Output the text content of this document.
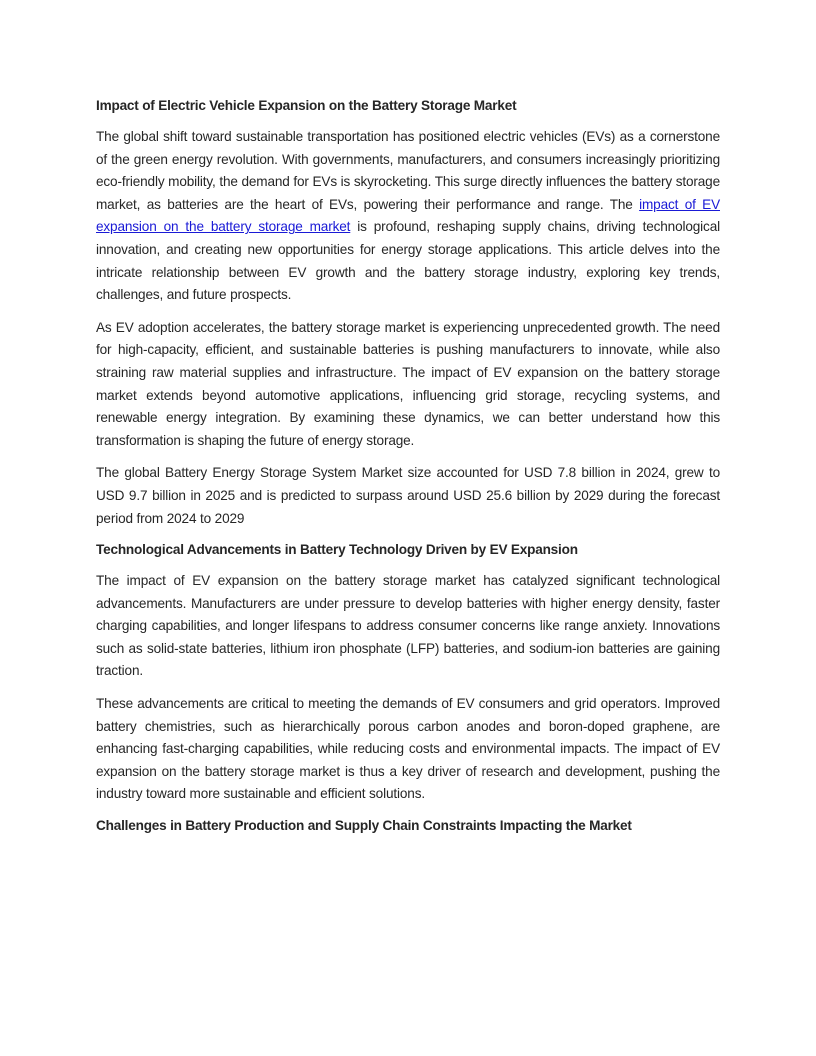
Impact of Electric Vehicle Expansion on the Battery Storage Market

The global shift toward sustainable transportation has positioned electric vehicles (EVs) as a cornerstone of the green energy revolution. With governments, manufacturers, and consumers increasingly prioritizing eco-friendly mobility, the demand for EVs is skyrocketing. This surge directly influences the battery storage market, as batteries are the heart of EVs, powering their performance and range. The impact of EV expansion on the battery storage market is profound, reshaping supply chains, driving technological innovation, and creating new opportunities for energy storage applications. This article delves into the intricate relationship between EV growth and the battery storage industry, exploring key trends, challenges, and future prospects.

As EV adoption accelerates, the battery storage market is experiencing unprecedented growth. The need for high-capacity, efficient, and sustainable batteries is pushing manufacturers to innovate, while also straining raw material supplies and infrastructure. The impact of EV expansion on the battery storage market extends beyond automotive applications, influencing grid storage, recycling systems, and renewable energy integration. By examining these dynamics, we can better understand how this transformation is shaping the future of energy storage.

The global Battery Energy Storage System Market size accounted for USD 7.8 billion in 2024, grew to USD 9.7 billion in 2025 and is predicted to surpass around USD 25.6 billion by 2029 during the forecast period from 2024 to 2029

Technological Advancements in Battery Technology Driven by EV Expansion

The impact of EV expansion on the battery storage market has catalyzed significant technological advancements. Manufacturers are under pressure to develop batteries with higher energy density, faster charging capabilities, and longer lifespans to address consumer concerns like range anxiety. Innovations such as solid-state batteries, lithium iron phosphate (LFP) batteries, and sodium-ion batteries are gaining traction.

These advancements are critical to meeting the demands of EV consumers and grid operators. Improved battery chemistries, such as hierarchically porous carbon anodes and boron-doped graphene, are enhancing fast-charging capabilities, while reducing costs and environmental impacts. The impact of EV expansion on the battery storage market is thus a key driver of research and development, pushing the industry toward more sustainable and efficient solutions.

Challenges in Battery Production and Supply Chain Constraints Impacting the Market
